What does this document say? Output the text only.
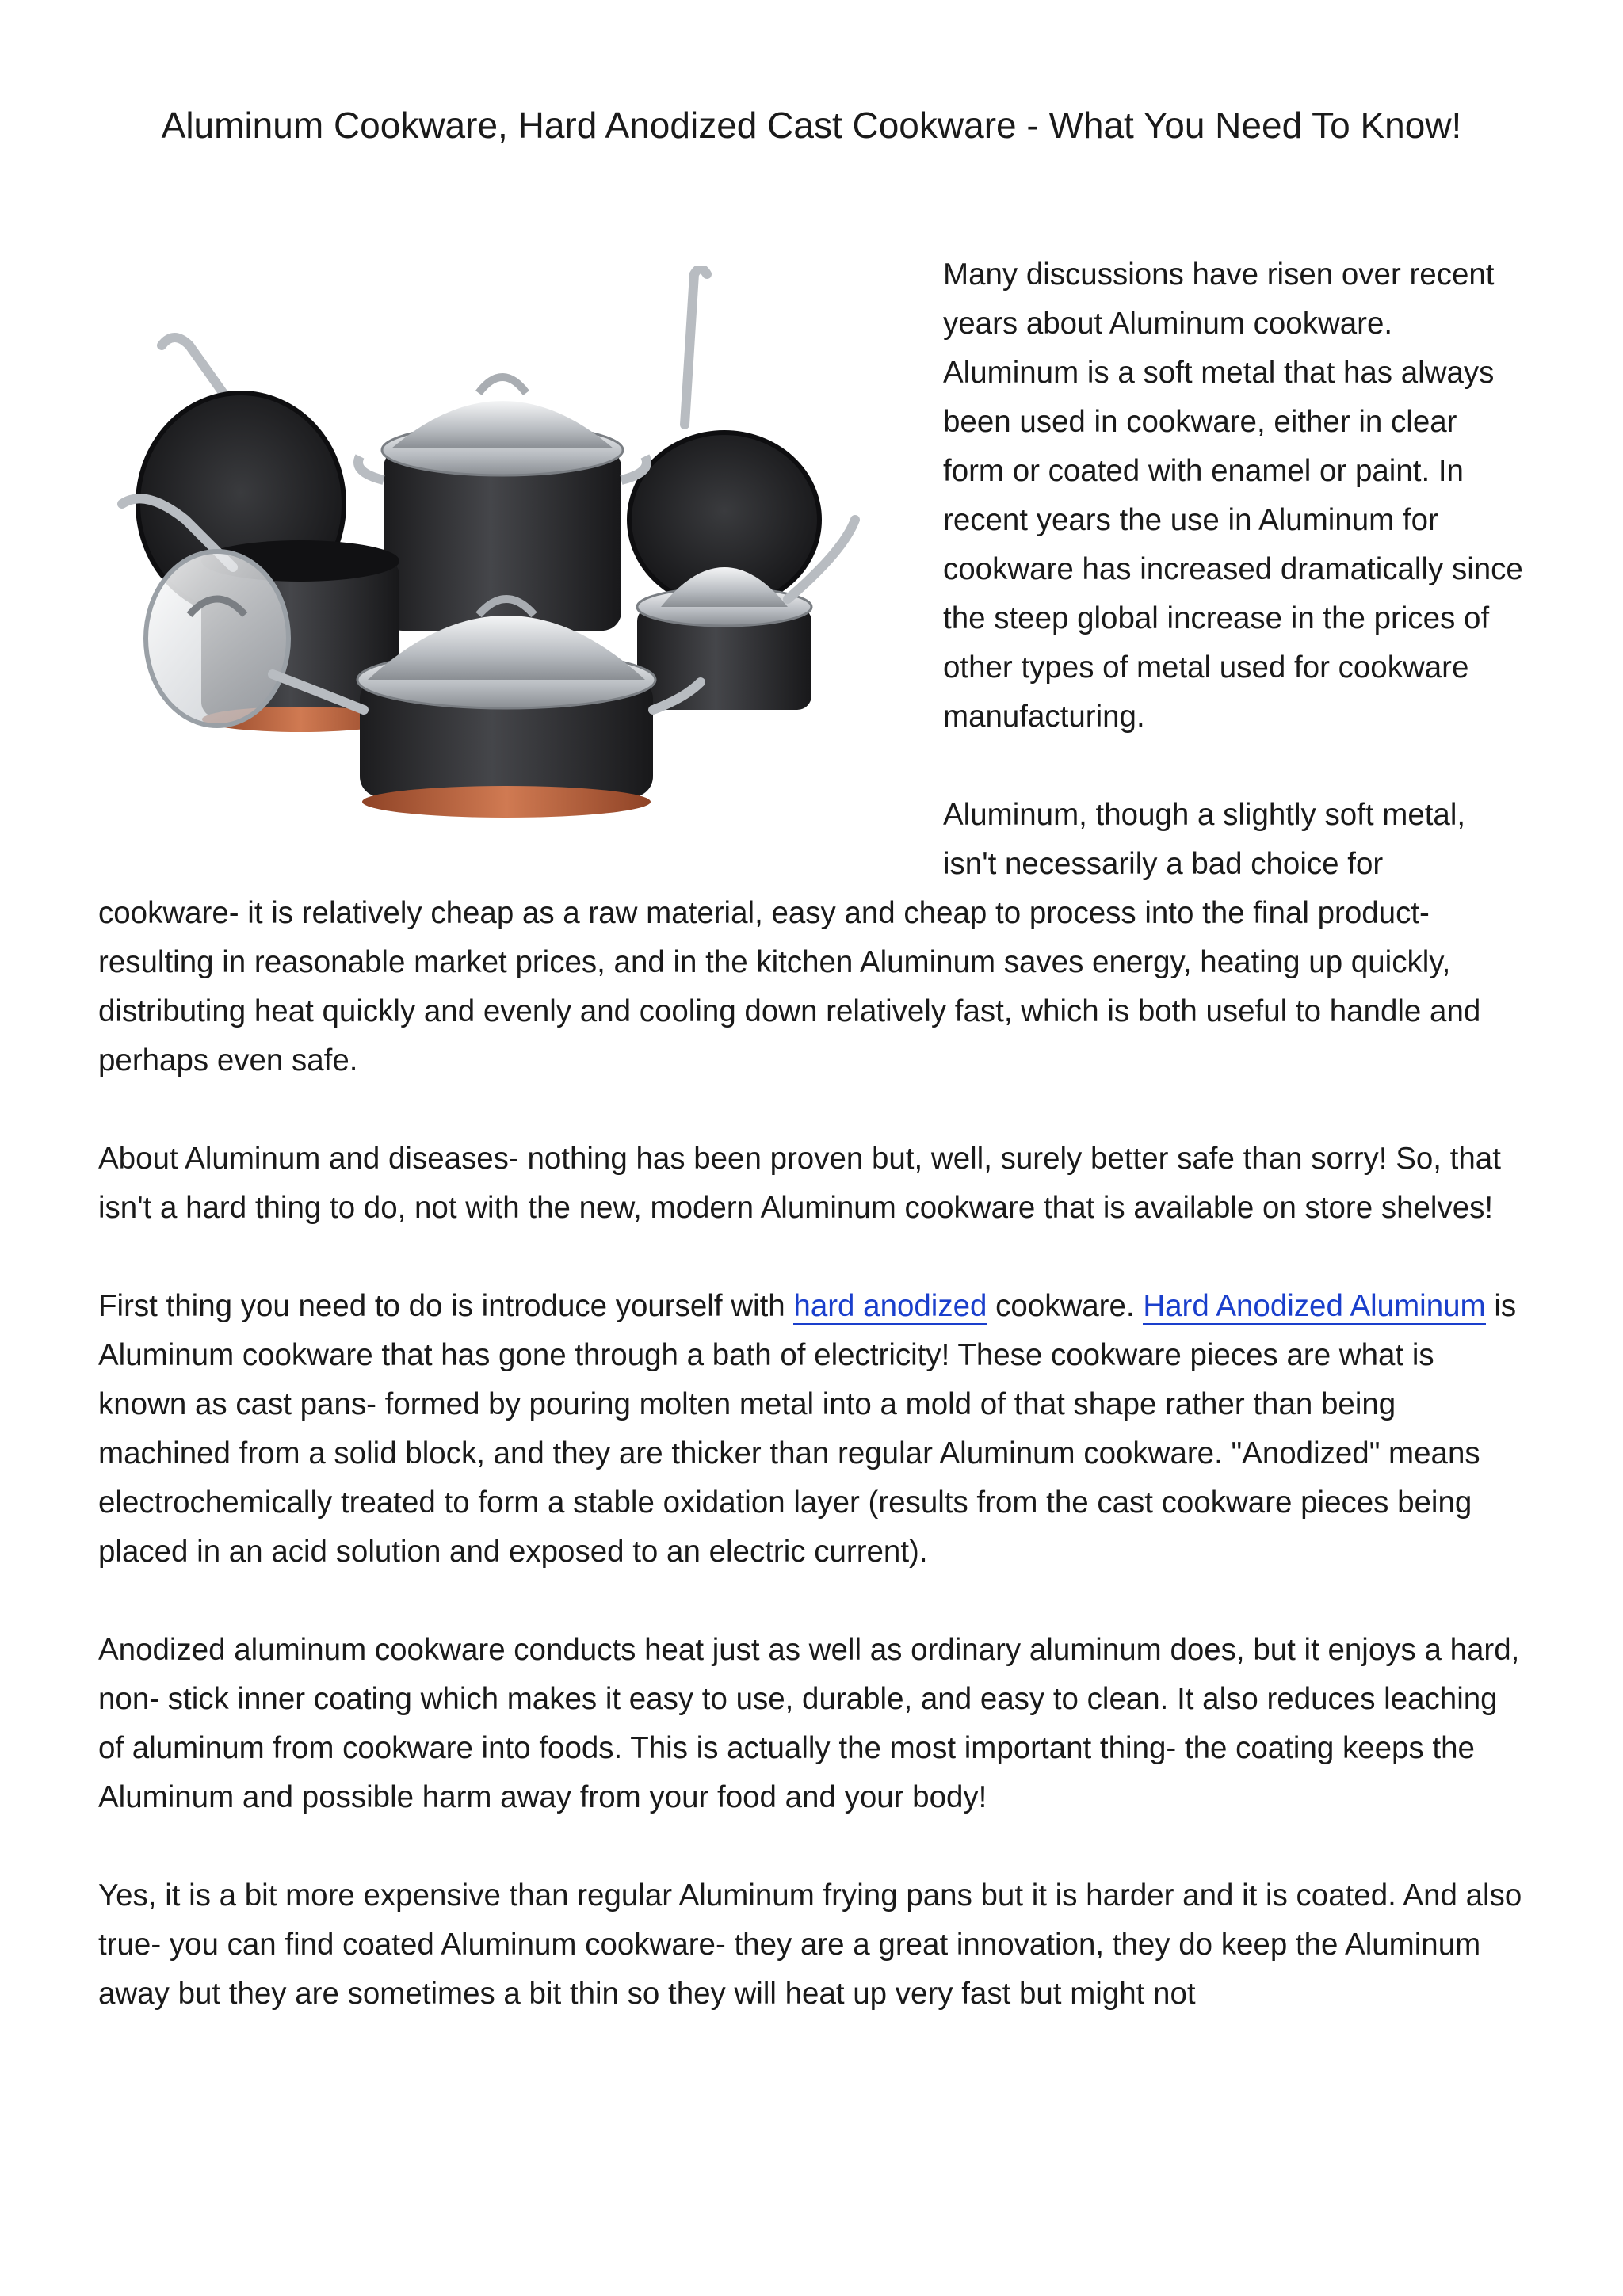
Aluminum Cookware, Hard Anodized Cast Cookware - What You Need To Know!

Many discussions have risen over recent years about Aluminum cookware. Aluminum is a soft metal that has always been used in cookware, either in clear form or coated with enamel or paint. In recent years the use in Aluminum for cookware has increased dramatically since the steep global increase in the prices of other types of metal used for cookware manufacturing.

Aluminum, though a slightly soft metal, isn't necessarily a bad choice for cookware- it is relatively cheap as a raw material, easy and cheap to process into the final product- resulting in reasonable market prices, and in the kitchen Aluminum saves energy, heating up quickly, distributing heat quickly and evenly and cooling down relatively fast, which is both useful to handle and perhaps even safe.

About Aluminum and diseases- nothing has been proven but, well, surely better safe than sorry! So, that isn't a hard thing to do, not with the new, modern Aluminum cookware that is available on store shelves!

First thing you need to do is introduce yourself with hard anodized cookware. Hard Anodized Aluminum is Aluminum cookware that has gone through a bath of electricity! These cookware pieces are what is known as cast pans- formed by pouring molten metal into a mold of that shape rather than being machined from a solid block, and they are thicker than regular Aluminum cookware. "Anodized" means electrochemically treated to form a stable oxidation layer (results from the cast cookware pieces being placed in an acid solution and exposed to an electric current).

Anodized aluminum cookware conducts heat just as well as ordinary aluminum does, but it enjoys a hard, non- stick inner coating which makes it easy to use, durable, and easy to clean. It also reduces leaching of aluminum from cookware into foods. This is actually the most important thing- the coating keeps the Aluminum and possible harm away from your food and your body!

Yes, it is a bit more expensive than regular Aluminum frying pans but it is harder and it is coated. And also true- you can find coated Aluminum cookware- they are a great innovation, they do keep the Aluminum away but they are sometimes a bit thin so they will heat up very fast but might not
